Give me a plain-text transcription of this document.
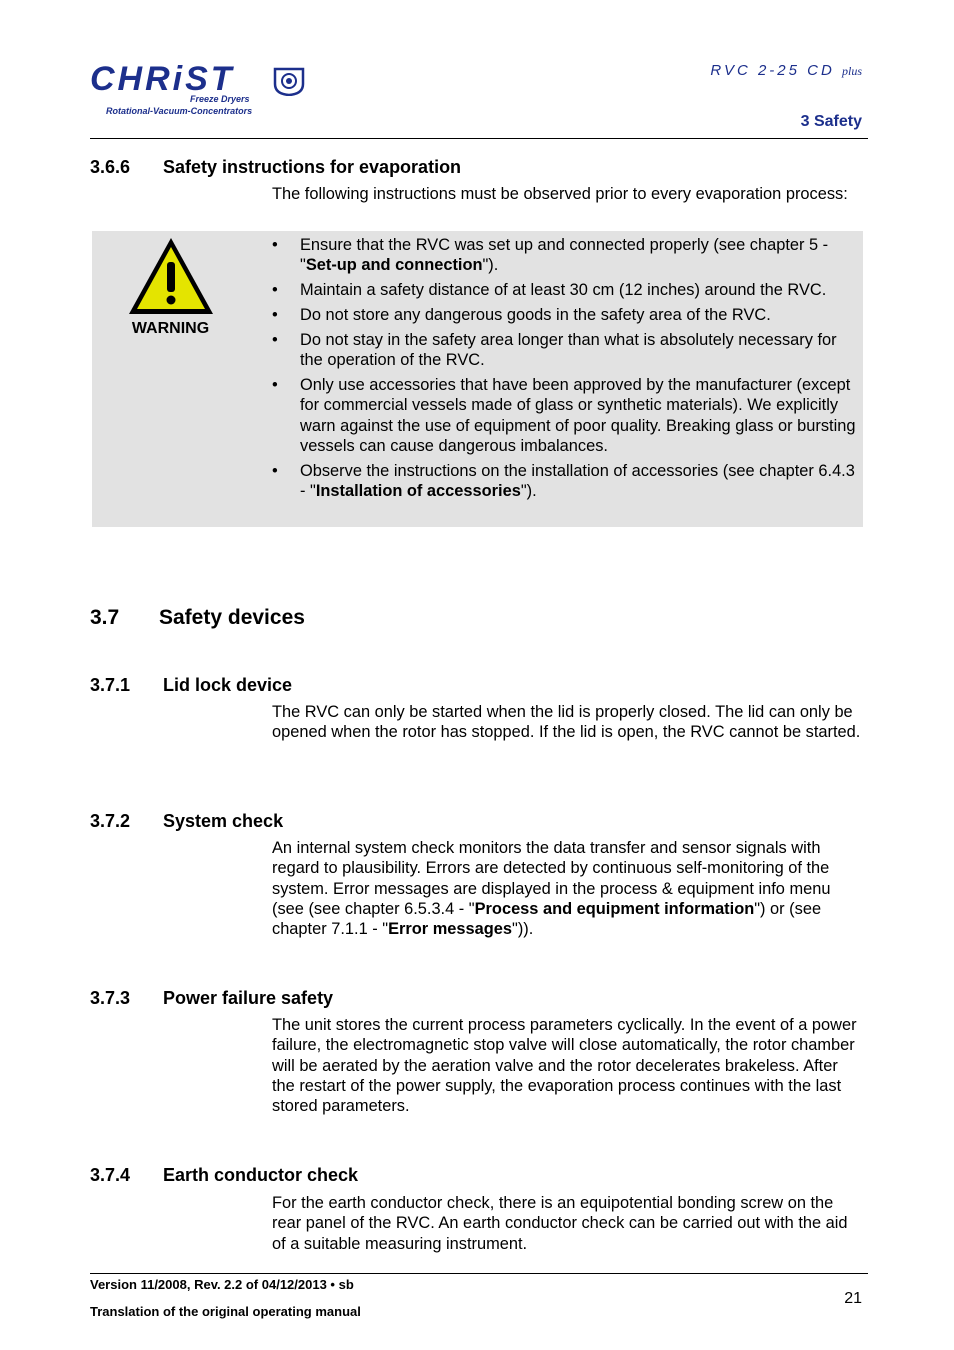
CHRiST
Freeze Dryers
Rotational-Vacuum-Concentrators
RVC 2-25 CD plus
3 Safety
3.6.6 Safety instructions for evaporation
The following instructions must be observed prior to every evaporation process:
WARNING
• Ensure that the RVC was set up and connected properly (see chapter 5 - "Set-up and connection").
• Maintain a safety distance of at least 30 cm (12 inches) around the RVC.
• Do not store any dangerous goods in the safety area of the RVC.
• Do not stay in the safety area longer than what is absolutely necessary for the operation of the RVC.
• Only use accessories that have been approved by the manufacturer (except for commercial vessels made of glass or synthetic materials). We explicitly warn against the use of equipment of poor quality. Breaking glass or bursting vessels can cause dangerous imbalances.
• Observe the instructions on the installation of accessories (see chapter 6.4.3 - "Installation of accessories").
3.7 Safety devices
3.7.1 Lid lock device
The RVC can only be started when the lid is properly closed. The lid can only be opened when the rotor has stopped. If the lid is open, the RVC cannot be started.
3.7.2 System check
An internal system check monitors the data transfer and sensor signals with regard to plausibility. Errors are detected by continuous self-monitoring of the system. Error messages are displayed in the process & equipment info menu (see (see chapter 6.5.3.4 - "Process and equipment information") or (see chapter 7.1.1 - "Error messages")).
3.7.3 Power failure safety
The unit stores the current process parameters cyclically. In the event of a power failure, the electromagnetic stop valve will close automatically, the rotor chamber will be aerated by the aeration valve and the rotor decelerates brakeless. After the restart of the power supply, the evaporation process continues with the last stored parameters.
3.7.4 Earth conductor check
For the earth conductor check, there is an equipotential bonding screw on the rear panel of the RVC. An earth conductor check can be carried out with the aid of a suitable measuring instrument.
Version 11/2008, Rev. 2.2 of 04/12/2013 • sb
Translation of the original operating manual
21
